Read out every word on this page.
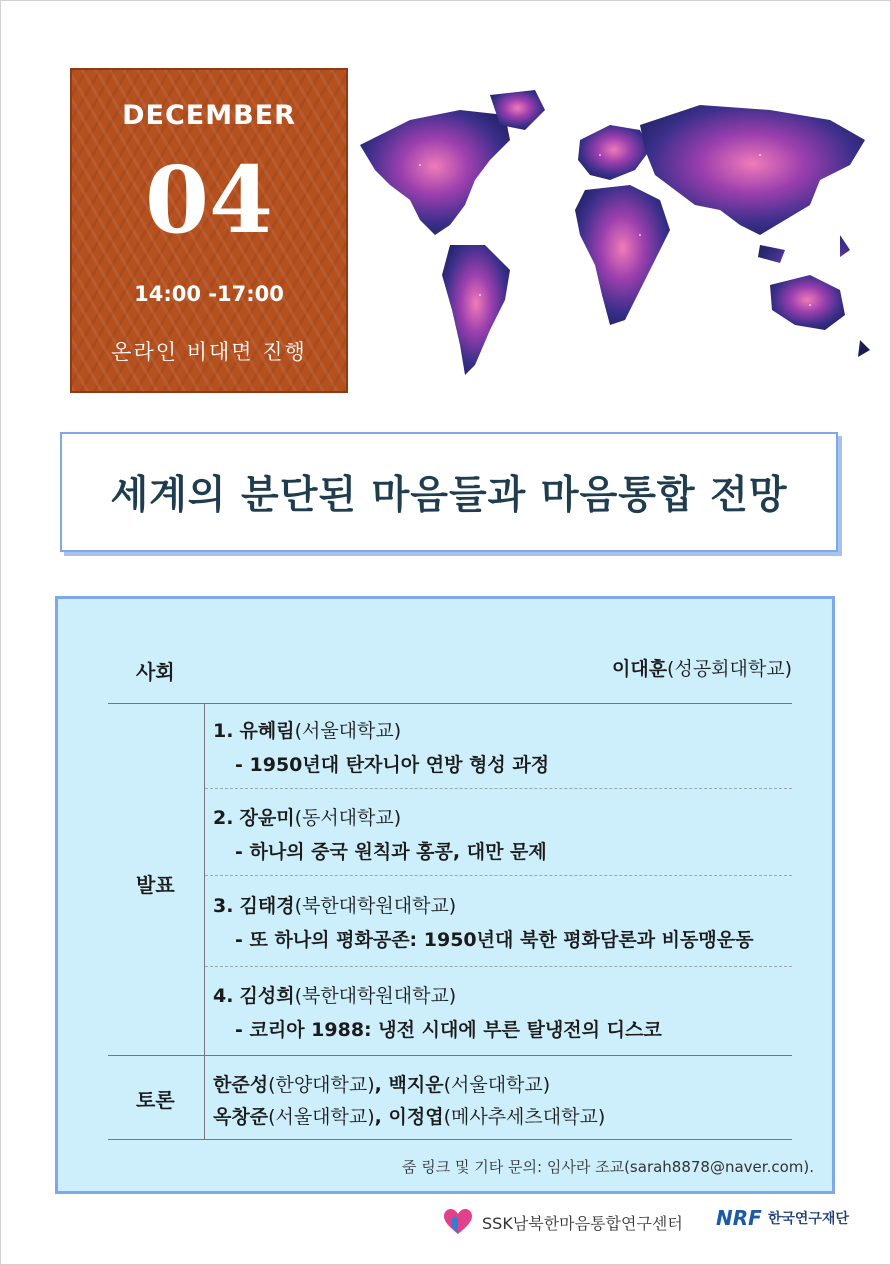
DECEMBER
04
14:00 -17:00
온라인 비대면 진행
세계의 분단된 마음들과 마음통합 전망
사회	이대훈(성공회대학교)
발표
1. 유혜림(서울대학교)
- 1950년대 탄자니아 연방 형성 과정
2. 장윤미(동서대학교)
- 하나의 중국 원칙과 홍콩, 대만 문제
3. 김태경(북한대학원대학교)
- 또 하나의 평화공존: 1950년대 북한 평화담론과 비동맹운동
4. 김성희(북한대학원대학교)
- 코리아 1988: 냉전 시대에 부른 탈냉전의 디스코
토론
한준성(한양대학교), 백지운(서울대학교)
옥창준(서울대학교), 이정엽(메사추세츠대학교)
줌 링크 및 기타 문의: 임사라 조교(sarah8878@naver.com).
SSK남북한마음통합연구센터 NRF 한국연구재단
